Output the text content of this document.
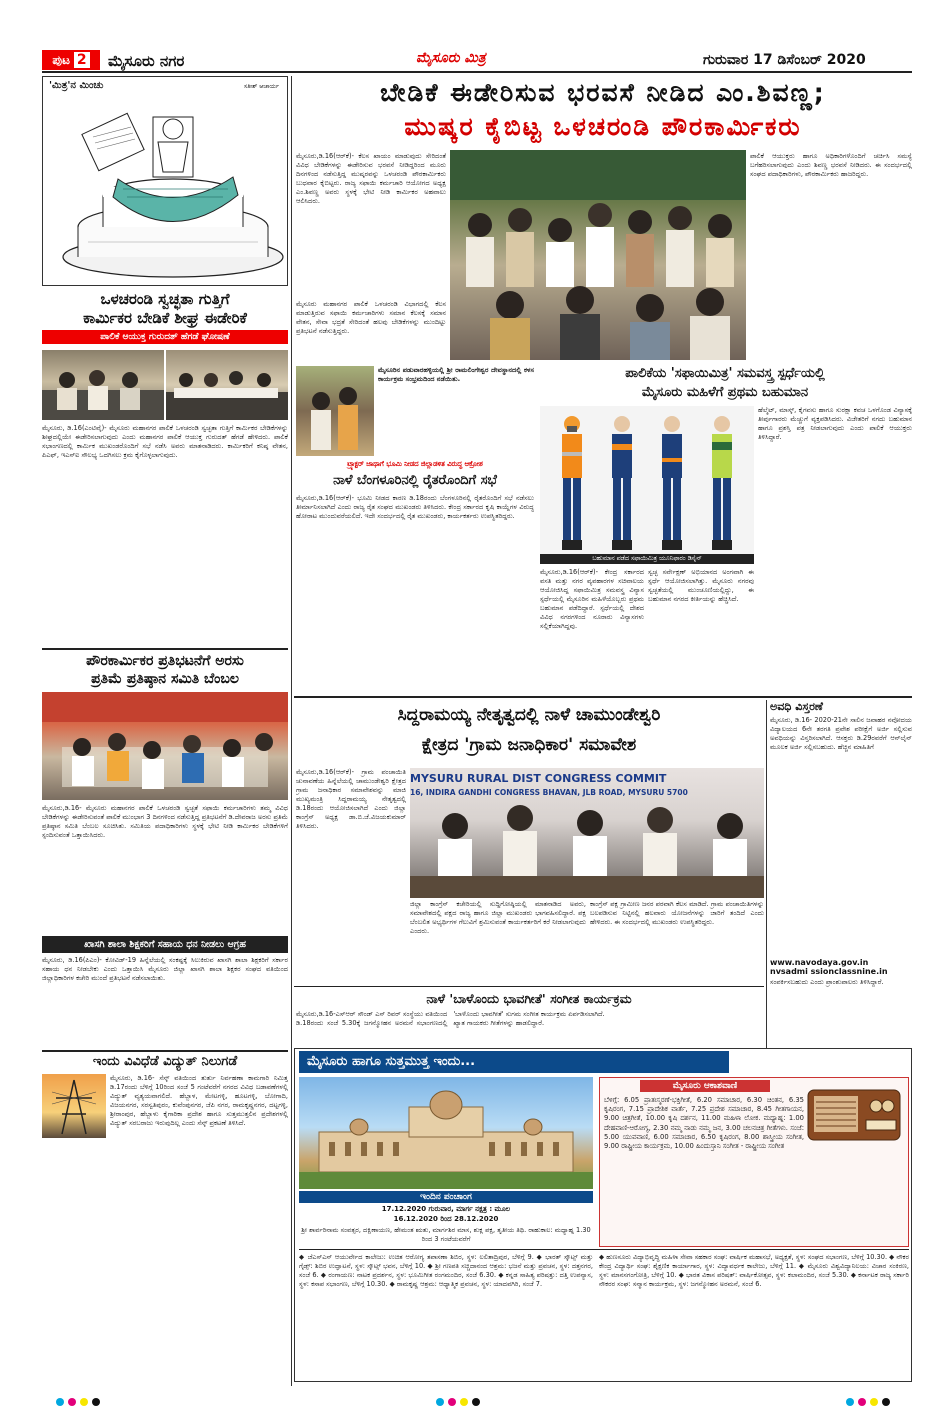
ಪುಟ 2 ಮೈಸೂರು ನಗರ	ಮೈಸೂರು ಮಿತ್ರ	ಗುರುವಾರ 17 ಡಿಸೆಂಬರ್ 2020
'ಮಿತ್ರ'ನ ಮಿಂಚು	ಸತೀಶ್ ಆಚಾರ್ಯ
ಒಳಚರಂಡಿ ಸ್ವಚ್ಛತಾ ಗುತ್ತಿಗೆ
ಕಾರ್ಮಿಕರ ಬೇಡಿಕೆ ಶೀಘ್ರ ಈಡೇರಿಕೆ
ಪಾಲಿಕೆ ಆಯುಕ್ತ ಗುರುದತ್ ಹೆಗಡೆ ಘೋಷಣೆ
ಮೈಸೂರು, ಡಿ.16(ಎಂಟಿವೈ)- ಮೈಸೂರು ಮಹಾನಗರ ಪಾಲಿಕೆ ಒಳಚರಂಡಿ ಸ್ವಚ್ಛತಾ ಗುತ್ತಿಗೆ ಕಾರ್ಮಿಕರ ಬೇಡಿಕೆಗಳನ್ನು ಶೀಘ್ರದಲ್ಲಿಯೇ ಈಡೇರಿಸಲಾಗುವುದು ಎಂದು ಮಹಾನಗರ ಪಾಲಿಕೆ ಆಯುಕ್ತ ಗುರುದತ್ ಹೆಗಡೆ ಹೇಳಿದರು. ಪಾಲಿಕೆ ಸಭಾಂಗಣದಲ್ಲಿ ಕಾರ್ಮಿಕ ಮುಖಂಡರೊಂದಿಗೆ ಸಭೆ ನಡೆಸಿ ಅವರು ಮಾತನಾಡಿದರು. ಕಾರ್ಮಿಕರಿಗೆ ಕನಿಷ್ಠ ವೇತನ, ಪಿಎಫ್, ಇಎಸ್‌ಐ ಸೌಲಭ್ಯ ಒದಗಿಸಲು ಕ್ರಮ ಕೈಗೊಳ್ಳಲಾಗುವುದು.
ಪೌರಕಾರ್ಮಿಕರ ಪ್ರತಿಭಟನೆಗೆ ಅರಸು
ಪ್ರತಿಮೆ ಪ್ರತಿಷ್ಠಾನ ಸಮಿತಿ ಬೆಂಬಲ
ಮೈಸೂರು,ಡಿ.16- ಮೈಸೂರು ಮಹಾನಗರ ಪಾಲಿಕೆ ಒಳಚರಂಡಿ ಸ್ವಚ್ಛತೆ ಸಫಾಯಿ ಕರ್ಮಚಾರಿಗಳು ತಮ್ಮ ವಿವಿಧ ಬೇಡಿಕೆಗಳನ್ನು ಈಡೇರಿಸುವಂತೆ ಪಾಲಿಕೆ ಮುಂಭಾಗ 3 ದಿನಗಳಿಂದ ನಡೆಸುತ್ತಿದ್ದ ಪ್ರತಿಭಟನೆಗೆ ಡಿ.ದೇವರಾಜ ಅರಸು ಪ್ರತಿಮೆ ಪ್ರತಿಷ್ಠಾನ ಸಮಿತಿ ಬೆಂಬಲ ಸೂಚಿಸಿತು. ಸಮಿತಿಯ ಪದಾಧಿಕಾರಿಗಳು ಸ್ಥಳಕ್ಕೆ ಭೇಟಿ ನೀಡಿ ಕಾರ್ಮಿಕರ ಬೇಡಿಕೆಗಳಿಗೆ ಸ್ಪಂದಿಸುವಂತೆ ಒತ್ತಾಯಿಸಿದರು.
ಖಾಸಗಿ ಶಾಲಾ ಶಿಕ್ಷಕರಿಗೆ ಸಹಾಯ ಧನ ನೀಡಲು ಆಗ್ರಹ
ಮೈಸೂರು, ಡಿ.16(ಪಿಎಂ)- ಕೋವಿಡ್-19 ಹಿನ್ನೆಲೆಯಲ್ಲಿ ಸಂಕಷ್ಟಕ್ಕೆ ಸಿಲುಕಿರುವ ಖಾಸಗಿ ಶಾಲಾ ಶಿಕ್ಷಕರಿಗೆ ಸರ್ಕಾರ ಸಹಾಯ ಧನ ನೀಡಬೇಕು ಎಂದು ಒತ್ತಾಯಿಸಿ ಮೈಸೂರು ಜಿಲ್ಲಾ ಖಾಸಗಿ ಶಾಲಾ ಶಿಕ್ಷಕರ ಸಂಘದ ವತಿಯಿಂದ ಜಿಲ್ಲಾಧಿಕಾರಿಗಳ ಕಚೇರಿ ಮುಂದೆ ಪ್ರತಿಭಟನೆ ನಡೆಸಲಾಯಿತು.
ಇಂದು ವಿವಿಧೆಡೆ ವಿದ್ಯುತ್ ನಿಲುಗಡೆ
ಮೈಸೂರು, ಡಿ.16- ಸೆಸ್ಕ್ ವತಿಯಿಂದ ತುರ್ತು ನಿರ್ವಹಣಾ ಕಾಮಗಾರಿ ನಿಮಿತ್ತ ಡಿ.17ರಂದು ಬೆಳಿಗ್ಗೆ 10ರಿಂದ ಸಂಜೆ 5 ಗಂಟೆವರೆಗೆ ನಗರದ ವಿವಿಧ ಬಡಾವಣೆಗಳಲ್ಲಿ ವಿದ್ಯುತ್ ವ್ಯತ್ಯಯವಾಗಲಿದೆ. ಹೆಬ್ಬಾಳ, ಮೇಟಗಳ್ಳಿ, ಹೂಟಗಳ್ಳಿ, ಬೋಗಾದಿ, ವಿಜಯನಗರ, ಸರಸ್ವತಿಪುರಂ, ಕುವೆಂಪುನಗರ, ಜೆಪಿ ನಗರ, ರಾಮಕೃಷ್ಣನಗರ, ದಟ್ಟಗಳ್ಳಿ, ಶ್ರೀರಾಂಪುರ, ಹೆಬ್ಬಾಳು ಕೈಗಾರಿಕಾ ಪ್ರದೇಶ ಹಾಗೂ ಸುತ್ತಮುತ್ತಲಿನ ಪ್ರದೇಶಗಳಲ್ಲಿ ವಿದ್ಯುತ್ ಸರಬರಾಜು ಇರುವುದಿಲ್ಲ ಎಂದು ಸೆಸ್ಕ್ ಪ್ರಕಟಣೆ ತಿಳಿಸಿದೆ.
ಬೇಡಿಕೆ ಈಡೇರಿಸುವ ಭರವಸೆ ನೀಡಿದ ಎಂ.ಶಿವಣ್ಣ;
ಮುಷ್ಕರ ಕೈಬಿಟ್ಟ ಒಳಚರಂಡಿ ಪೌರಕಾರ್ಮಿಕರು
ಮೈಸೂರು,ಡಿ.16(ಆರ್‌ಕೆ)- ಕೆಲಸ ಖಾಯಂ ಮಾಡುವುದು ಸೇರಿದಂತೆ ವಿವಿಧ ಬೇಡಿಕೆಗಳನ್ನು ಈಡೇರಿಸುವ ಭರವಸೆ ನೀಡಿದ್ದರಿಂದ ಮೂರು ದಿನಗಳಿಂದ ನಡೆಸುತ್ತಿದ್ದ ಮುಷ್ಕರವನ್ನು ಒಳಚರಂಡಿ ಪೌರಕಾರ್ಮಿಕರು ಬುಧವಾರ ಕೈಬಿಟ್ಟರು. ರಾಜ್ಯ ಸಫಾಯಿ ಕರ್ಮಚಾರಿ ಆಯೋಗದ ಅಧ್ಯಕ್ಷ ಎಂ.ಶಿವಣ್ಣ ಅವರು ಸ್ಥಳಕ್ಕೆ ಭೇಟಿ ನೀಡಿ ಕಾರ್ಮಿಕರ ಅಹವಾಲು ಆಲಿಸಿದರು.
ಪಾಲಿಕೆ ಆಯುಕ್ತರು ಹಾಗೂ ಅಧಿಕಾರಿಗಳೊಂದಿಗೆ ಚರ್ಚಿಸಿ ಸಮಸ್ಯೆ ಬಗೆಹರಿಸಲಾಗುವುದು ಎಂದು ಶಿವಣ್ಣ ಭರವಸೆ ನೀಡಿದರು. ಈ ಸಂದರ್ಭದಲ್ಲಿ ಸಂಘದ ಪದಾಧಿಕಾರಿಗಳು, ಪೌರಕಾರ್ಮಿಕರು ಹಾಜರಿದ್ದರು.
ಮೈಸೂರು ಮಹಾನಗರ ಪಾಲಿಕೆ ಒಳಚರಂಡಿ ವಿಭಾಗದಲ್ಲಿ ಕೆಲಸ ಮಾಡುತ್ತಿರುವ ಸಫಾಯಿ ಕರ್ಮಚಾರಿಗಳು ಸಮಾನ ಕೆಲಸಕ್ಕೆ ಸಮಾನ ವೇತನ, ಸೇವಾ ಭದ್ರತೆ ಸೇರಿದಂತೆ ಹಲವು ಬೇಡಿಕೆಗಳನ್ನು ಮುಂದಿಟ್ಟು ಪ್ರತಿಭಟನೆ ನಡೆಸುತ್ತಿದ್ದರು.
ಮೈಸೂರಿನ ಪಡುವಾರಹಳ್ಳಿಯಲ್ಲಿ ಶ್ರೀ ರಾಮಲಿಂಗೇಶ್ವರ ದೇವಸ್ಥಾನದಲ್ಲಿ ಕಳಸ ಕಾರ್ಯಕ್ರಮ ಸಂಭ್ರಮದಿಂದ ನಡೆಯಿತು.
ಟ್ರ್ಯಾಕ್ಟರ್ ಜಾಥಾಗೆ ಭೂಮಿ ನೀಡದ ಜಿಲ್ಲಾಡಳಿತ ವಿರುದ್ಧ ಆಕ್ರೋಶ
ನಾಳೆ ಬೆಂಗಳೂರಿನಲ್ಲಿ ರೈತರೊಂದಿಗೆ ಸಭೆ
ಮೈಸೂರು,ಡಿ.16(ಆರ್‌ಕೆ)- ಭೂಮಿ ನೀಡದ ಕಾರಣ ಡಿ.18ರಂದು ಬೆಂಗಳೂರಿನಲ್ಲಿ ರೈತರೊಂದಿಗೆ ಸಭೆ ನಡೆಸಲು ತೀರ್ಮಾನಿಸಲಾಗಿದೆ ಎಂದು ರಾಜ್ಯ ರೈತ ಸಂಘದ ಮುಖಂಡರು ತಿಳಿಸಿದರು. ಕೇಂದ್ರ ಸರ್ಕಾರದ ಕೃಷಿ ಕಾಯ್ದೆಗಳ ವಿರುದ್ಧ ಹೋರಾಟ ಮುಂದುವರೆಯಲಿದೆ. ಇದೇ ಸಂದರ್ಭದಲ್ಲಿ ರೈತ ಮುಖಂಡರು, ಕಾರ್ಯಕರ್ತರು ಉಪಸ್ಥಿತರಿದ್ದರು.
ಪಾಲಿಕೆಯ 'ಸಫಾಯಿಮಿತ್ರ' ಸಮವಸ್ತ್ರ ಸ್ಪರ್ಧೆಯಲ್ಲಿ
ಮೈಸೂರು ಮಹಿಳೆಗೆ ಪ್ರಥಮ ಬಹುಮಾನ
ಬಹುಮಾನ ಪಡೆದ ಸಫಾಯಿಮಿತ್ರ ಯೂನಿಫಾರಂ ಡಿಸೈನ್
ಹೆಲ್ಮೆಟ್, ಮಾಸ್ಕ್, ಕೈಗವಸು ಹಾಗೂ ಸುರಕ್ಷಾ ಕವಚ ಒಳಗೊಂಡ ವಿನ್ಯಾಸಕ್ಕೆ ತೀರ್ಪುಗಾರರು ಮೆಚ್ಚುಗೆ ವ್ಯಕ್ತಪಡಿಸಿದರು. ವಿಜೇತರಿಗೆ ನಗದು ಬಹುಮಾನ ಹಾಗೂ ಪ್ರಶಸ್ತಿ ಪತ್ರ ನೀಡಲಾಗುವುದು ಎಂದು ಪಾಲಿಕೆ ಆಯುಕ್ತರು ತಿಳಿಸಿದ್ದಾರೆ.
ಮೈಸೂರು,ಡಿ.16(ಆರ್‌ಕೆ)- ಕೇಂದ್ರ ಸರ್ಕಾರದ ವಸತಿ ಮತ್ತು ನಗರ ವ್ಯವಹಾರಗಳ ಸಚಿವಾಲಯ ಆಯೋಜಿಸಿದ್ದ ಸಫಾಯಿಮಿತ್ರ ಸಮವಸ್ತ್ರ ವಿನ್ಯಾಸ ಸ್ಪರ್ಧೆಯಲ್ಲಿ ಮೈಸೂರಿನ ಮಹಿಳೆಯೊಬ್ಬರು ಪ್ರಥಮ ಬಹುಮಾನ ಪಡೆದಿದ್ದಾರೆ. ಸ್ಪರ್ಧೆಯಲ್ಲಿ ದೇಶದ ವಿವಿಧ ನಗರಗಳಿಂದ ನೂರಾರು ವಿನ್ಯಾಸಗಳು ಸಲ್ಲಿಕೆಯಾಗಿದ್ದವು.
ಸ್ವಚ್ಛ ಸರ್ವೇಕ್ಷಣ್ ಅಭಿಯಾನದ ಅಂಗವಾಗಿ ಈ ಸ್ಪರ್ಧೆ ಆಯೋಜಿಸಲಾಗಿತ್ತು. ಮೈಸೂರು ನಗರವು ಸ್ವಚ್ಛತೆಯಲ್ಲಿ ಮುಂಚೂಣಿಯಲ್ಲಿದ್ದು, ಈ ಬಹುಮಾನ ನಗರದ ಕೀರ್ತಿಯನ್ನು ಹೆಚ್ಚಿಸಿದೆ.
ಸಿದ್ದರಾಮಯ್ಯ ನೇತೃತ್ವದಲ್ಲಿ ನಾಳೆ ಚಾಮುಂಡೇಶ್ವರಿ
ಕ್ಷೇತ್ರದ 'ಗ್ರಾಮ ಜನಾಧಿಕಾರ' ಸಮಾವೇಶ
ಮೈಸೂರು,ಡಿ.16(ಆರ್‌ಕೆ)- ಗ್ರಾಮ ಪಂಚಾಯಿತಿ ಚುನಾವಣೆಯ ಹಿನ್ನೆಲೆಯಲ್ಲಿ ಚಾಮುಂಡೇಶ್ವರಿ ಕ್ಷೇತ್ರದ ಗ್ರಾಮ ಜನಾಧಿಕಾರ ಸಮಾವೇಶವನ್ನು ಮಾಜಿ ಮುಖ್ಯಮಂತ್ರಿ ಸಿದ್ದರಾಮಯ್ಯ ನೇತೃತ್ವದಲ್ಲಿ ಡಿ.18ರಂದು ಆಯೋಜಿಸಲಾಗಿದೆ ಎಂದು ಜಿಲ್ಲಾ ಕಾಂಗ್ರೆಸ್ ಅಧ್ಯಕ್ಷ ಡಾ.ಬಿ.ಜೆ.ವಿಜಯಕುಮಾರ್ ತಿಳಿಸಿದರು.
MYSURU RURAL DIST CONGRESS COMMIT
16, INDIRA GANDHI CONGRESS BHAVAN, JLB ROAD, MYSURU 5700
ಜಿಲ್ಲಾ ಕಾಂಗ್ರೆಸ್ ಕಚೇರಿಯಲ್ಲಿ ಸುದ್ದಿಗೋಷ್ಠಿಯಲ್ಲಿ ಮಾತನಾಡಿದ ಅವರು, ಸಮಾವೇಶದಲ್ಲಿ ಪಕ್ಷದ ರಾಜ್ಯ ಹಾಗೂ ಜಿಲ್ಲಾ ಮುಖಂಡರು ಭಾಗವಹಿಸಲಿದ್ದಾರೆ. ಪಕ್ಷ ಬೆಂಬಲಿತ ಅಭ್ಯರ್ಥಿಗಳ ಗೆಲುವಿಗೆ ಶ್ರಮಿಸುವಂತೆ ಕಾರ್ಯಕರ್ತರಿಗೆ ಕರೆ ನೀಡಲಾಗುವುದು ಎಂದರು.
ಕಾಂಗ್ರೆಸ್ ಪಕ್ಷ ಗ್ರಾಮೀಣ ಜನರ ಪರವಾಗಿ ಕೆಲಸ ಮಾಡಿದೆ. ಗ್ರಾಮ ಪಂಚಾಯಿತಿಗಳನ್ನು ಬಲಪಡಿಸುವ ನಿಟ್ಟಿನಲ್ಲಿ ಹಲವಾರು ಯೋಜನೆಗಳನ್ನು ಜಾರಿಗೆ ತಂದಿದೆ ಎಂದು ಹೇಳಿದರು. ಈ ಸಂದರ್ಭದಲ್ಲಿ ಮುಖಂಡರು ಉಪಸ್ಥಿತರಿದ್ದರು.
ನಾಳೆ 'ಬಾಳೊಂದು ಭಾವಗೀತೆ' ಸಂಗೀತ ಕಾರ್ಯಕ್ರಮ
ಮೈಸೂರು,ಡಿ.16-ಎಸ್‌ಆರ್ ಸೌಂಡ್ ಎಸ್ ರಿವರ್ ಸಂಸ್ಥೆಯು ವತಿಯಿಂದ ಡಿ.18ರಂದು ಸಂಜೆ 5.30ಕ್ಕೆ ಜಗನ್ಮೋಹನ ಅರಮನೆ ಸಭಾಂಗಣದಲ್ಲಿ 'ಬಾಳೊಂದು ಭಾವಗೀತೆ' ಸುಗಮ ಸಂಗೀತ ಕಾರ್ಯಕ್ರಮ ಏರ್ಪಡಿಸಲಾಗಿದೆ. ಖ್ಯಾತ ಗಾಯಕರು ಗೀತೆಗಳನ್ನು ಹಾಡಲಿದ್ದಾರೆ.
ಅವಧಿ ವಿಸ್ತರಣೆ
ಮೈಸೂರು, ಡಿ.16- 2020-21ನೇ ಸಾಲಿನ ಜವಾಹರ ನವೋದಯ ವಿದ್ಯಾಲಯದ 6ನೇ ತರಗತಿ ಪ್ರವೇಶ ಪರೀಕ್ಷೆಗೆ ಅರ್ಜಿ ಸಲ್ಲಿಸುವ ಅವಧಿಯನ್ನು ವಿಸ್ತರಿಸಲಾಗಿದೆ. ಆಸಕ್ತರು ಡಿ.29ರವರೆಗೆ ಆನ್‌ಲೈನ್ ಮೂಲಕ ಅರ್ಜಿ ಸಲ್ಲಿಸಬಹುದು. ಹೆಚ್ಚಿನ ಮಾಹಿತಿಗೆ
www.navodaya.gov.in
nvsadmi ssionclassnine.in
ಸಂಪರ್ಕಿಸಬಹುದು ಎಂದು ಪ್ರಾಂಶುಪಾಲರು ತಿಳಿಸಿದ್ದಾರೆ.
ಮೈಸೂರು ಹಾಗೂ ಸುತ್ತಮುತ್ತ ಇಂದು...
ಇಂದಿನ ಪಂಚಾಂಗ
17.12.2020 ಗುರುವಾರ, ಮಾರ್ಗ ನಕ್ಷತ್ರ : ಮೂಲ
16.12.2020 ರಿಂದ 28.12.2020
ಶ್ರೀ ಶಾರ್ವರಿನಾಮ ಸಂವತ್ಸರ, ದಕ್ಷಿಣಾಯಣ, ಹೇಮಂತ ಋತು, ಮಾರ್ಗಶಿರ ಮಾಸ, ಶುಕ್ಲ ಪಕ್ಷ, ತೃತೀಯ ತಿಥಿ. ರಾಹುಕಾಲ: ಮಧ್ಯಾಹ್ನ 1.30 ರಿಂದ 3 ಗಂಟೆಯವರೆಗೆ
ಮೈಸೂರು ಆಕಾಶವಾಣಿ
ಬೆಳಿಗ್ಗೆ: 6.05 ಪ್ರಾತಃಸ್ಮರಣೆ-ಭಕ್ತಿಗೀತೆ, 6.20 ಸಮಾಚಾರ, 6.30 ಚಿಂತನ, 6.35 ಕೃಷಿರಂಗ, 7.15 ಪ್ರಾದೇಶಿಕ ವಾರ್ತೆ, 7.25 ಪ್ರದೇಶ ಸಮಾಚಾರ, 8.45 ಗೀತಗಾಯನ, 9.00 ಚಿತ್ರಗೀತೆ, 10.00 ಕೃಷಿ ದರ್ಶನ, 11.00 ಮಹಿಳಾ ಲೋಕ. ಮಧ್ಯಾಹ್ನ: 1.00 ದೇಹವಾಣಿ-ಆರೋಗ್ಯ, 2.30 ನಮ್ಮ ನಾಡು ನಮ್ಮ ಜನ, 3.00 ಚಲನಚಿತ್ರ ಗೀತೆಗಳು. ಸಂಜೆ: 5.00 ಯುವವಾಣಿ, 6.00 ಸಮಾಚಾರ, 6.50 ಕೃಷಿರಂಗ, 8.00 ಶಾಸ್ತ್ರೀಯ ಸಂಗೀತ, 9.00 ರಾಷ್ಟ್ರೀಯ ಕಾರ್ಯಕ್ರಮ, 10.00 ಹಿಂದುಸ್ತಾನಿ ಸಂಗೀತ - ರಾಷ್ಟ್ರೀಯ ಸಂಗೀತ
◆ ಜೆಎಸ್‌ಎಸ್ ಆಯುರ್ವೇದ ಕಾಲೇಜು: ಉಚಿತ ಆರೋಗ್ಯ ತಪಾಸಣಾ ಶಿಬಿರ, ಸ್ಥಳ: ಲಲಿತಾದ್ರಿಪುರ, ಬೆಳಿಗ್ಗೆ 9. ◆ ಭಾರತ್ ಸ್ಕೌಟ್ಸ್ ಮತ್ತು ಗೈಡ್ಸ್: ಶಿಬಿರ ಉದ್ಘಾಟನೆ, ಸ್ಥಳ: ಸ್ಕೌಟ್ಸ್ ಭವನ, ಬೆಳಿಗ್ಗೆ 10. ◆ ಶ್ರೀ ಗಣಪತಿ ಸಚ್ಚಿದಾನಂದ ಆಶ್ರಮ: ಭಜನೆ ಮತ್ತು ಪ್ರವಚನ, ಸ್ಥಳ: ದತ್ತನಗರ, ಸಂಜೆ 6. ◆ ರಂಗಾಯಣ: ನಾಟಕ ಪ್ರದರ್ಶನ, ಸ್ಥಳ: ಭೂಮಿಗೀತ ರಂಗಮಂದಿರ, ಸಂಜೆ 6.30. ◆ ಕನ್ನಡ ಸಾಹಿತ್ಯ ಪರಿಷತ್ತು: ದತ್ತಿ ಉಪನ್ಯಾಸ, ಸ್ಥಳ: ಕಸಾಪ ಸಭಾಂಗಣ, ಬೆಳಿಗ್ಗೆ 10.30. ◆ ರಾಮಕೃಷ್ಣ ಆಶ್ರಮ: ಆಧ್ಯಾತ್ಮಿಕ ಪ್ರವಚನ, ಸ್ಥಳ: ಯಾದವಗಿರಿ, ಸಂಜೆ 7.
◆ ಹುಣಸೂರು ವಿದ್ಯಾಭಿವೃದ್ಧಿ ಮಹಿಳಾ ಸೇವಾ ಸಹಕಾರ ಸಂಘ: ವಾರ್ಷಿಕ ಮಹಾಸಭೆ, ಅಧ್ಯಕ್ಷತೆ, ಸ್ಥಳ: ಸಂಘದ ಸಭಾಂಗಣ, ಬೆಳಿಗ್ಗೆ 10.30. ◆ ನೌಕರ ಕೇಂದ್ರ ವಿದ್ಯಾರ್ಥಿ ಸಂಘ: ಶೈಕ್ಷಣಿಕ ಕಾರ್ಯಾಗಾರ, ಸ್ಥಳ: ವಿದ್ಯಾವರ್ಧಕ ಕಾಲೇಜು, ಬೆಳಿಗ್ಗೆ 11. ◆ ಮೈಸೂರು ವಿಶ್ವವಿದ್ಯಾನಿಲಯ: ವಿಚಾರ ಸಂಕಿರಣ, ಸ್ಥಳ: ಮಾನಸಗಂಗೋತ್ರಿ, ಬೆಳಿಗ್ಗೆ 10. ◆ ಭಾರತ ವಿಕಾಸ ಪರಿಷತ್: ವಾರ್ಷಿಕೋತ್ಸವ, ಸ್ಥಳ: ಕಲಾಮಂದಿರ, ಸಂಜೆ 5.30. ◆ ಕರ್ನಾಟಕ ರಾಜ್ಯ ಸರ್ಕಾರಿ ನೌಕರರ ಸಂಘ: ಸನ್ಮಾನ ಕಾರ್ಯಕ್ರಮ, ಸ್ಥಳ: ಜಗನ್ಮೋಹನ ಅರಮನೆ, ಸಂಜೆ 6.
